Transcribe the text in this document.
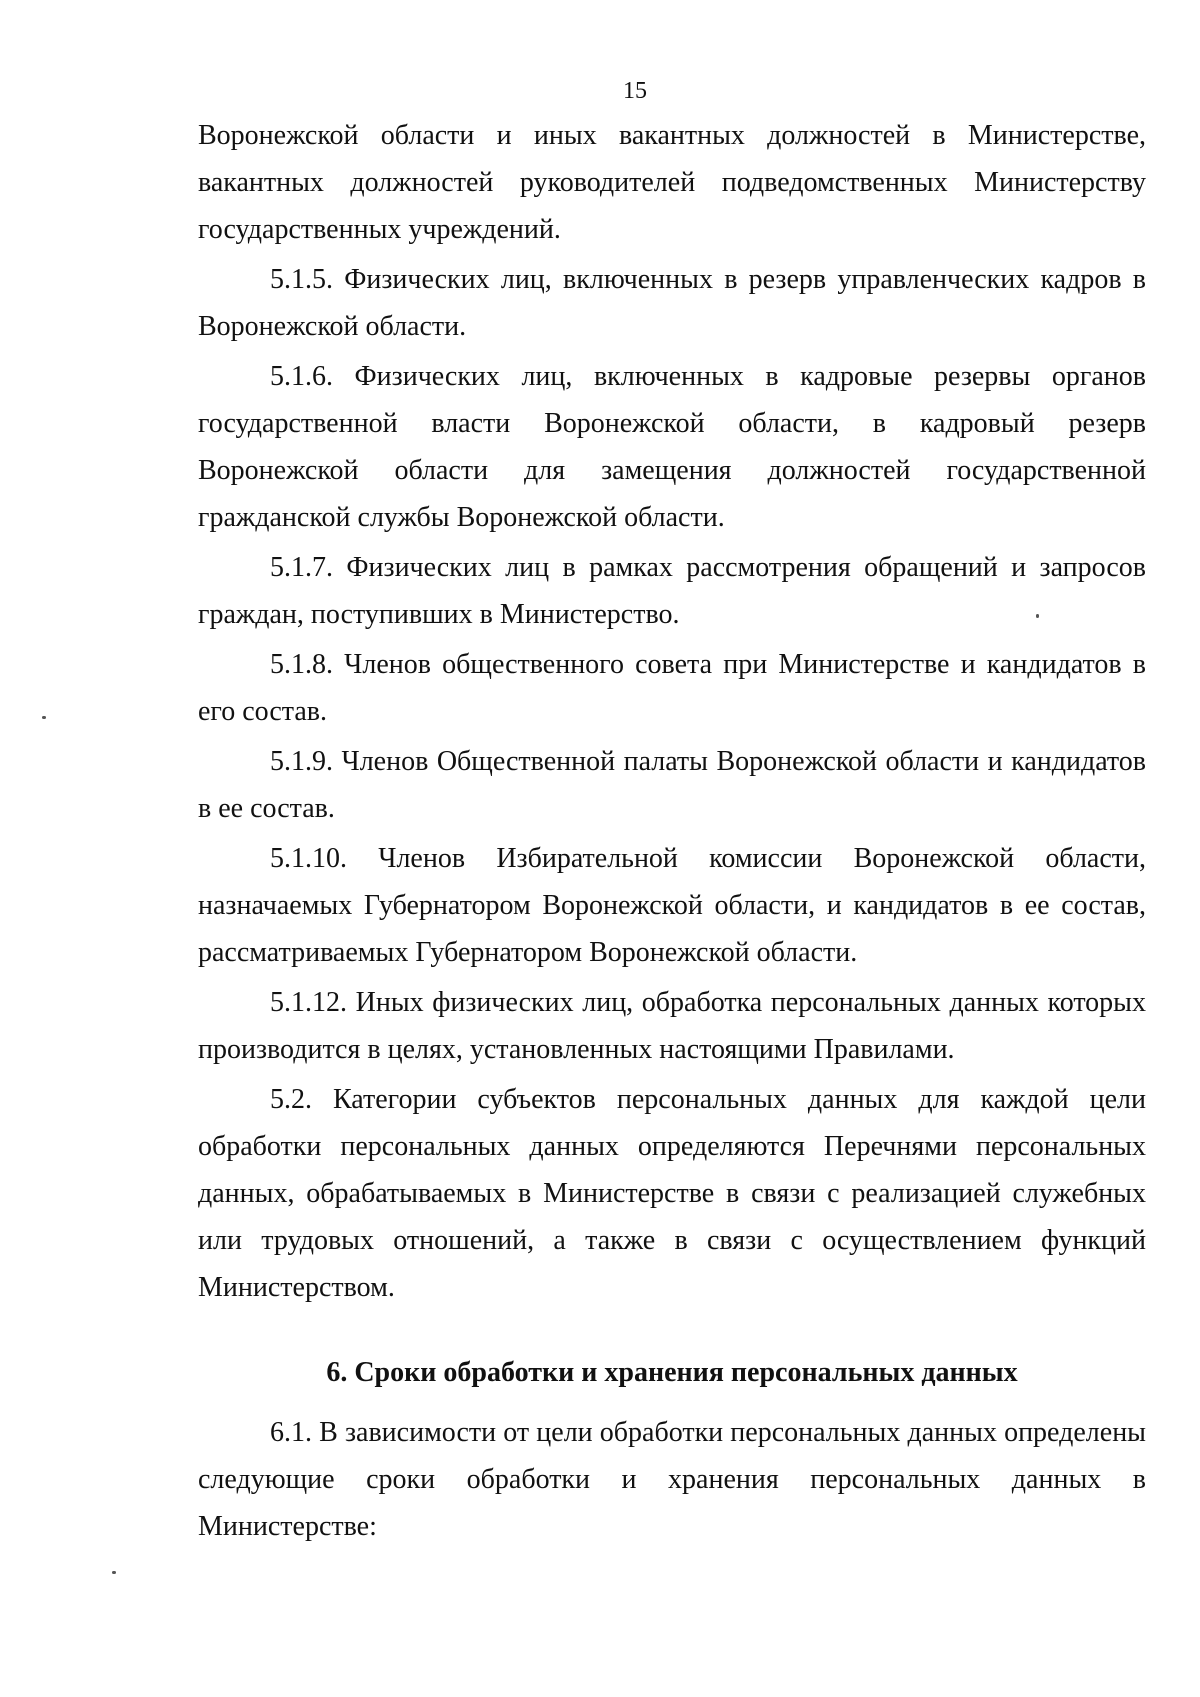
15

Воронежской области и иных вакантных должностей в Министерстве, вакантных должностей руководителей подведомственных Министерству государственных учреждений.

5.1.5. Физических лиц, включенных в резерв управленческих кадров в Воронежской области.

5.1.6. Физических лиц, включенных в кадровые резервы органов государственной власти Воронежской области, в кадровый резерв Воронежской области для замещения должностей государственной гражданской службы Воронежской области.

5.1.7. Физических лиц в рамках рассмотрения обращений и запросов граждан, поступивших в Министерство.

5.1.8. Членов общественного совета при Министерстве и кандидатов в его состав.

5.1.9. Членов Общественной палаты Воронежской области и кандидатов в ее состав.

5.1.10. Членов Избирательной комиссии Воронежской области, назначаемых Губернатором Воронежской области, и кандидатов в ее состав, рассматриваемых Губернатором Воронежской области.

5.1.12. Иных физических лиц, обработка персональных данных которых производится в целях, установленных настоящими Правилами.

5.2. Категории субъектов персональных данных для каждой цели обработки персональных данных определяются Перечнями персональных данных, обрабатываемых в Министерстве в связи с реализацией служебных или трудовых отношений, а также в связи с осуществлением функций Министерством.

6. Сроки обработки и хранения персональных данных

6.1. В зависимости от цели обработки персональных данных определены следующие сроки обработки и хранения персональных данных в Министерстве:
